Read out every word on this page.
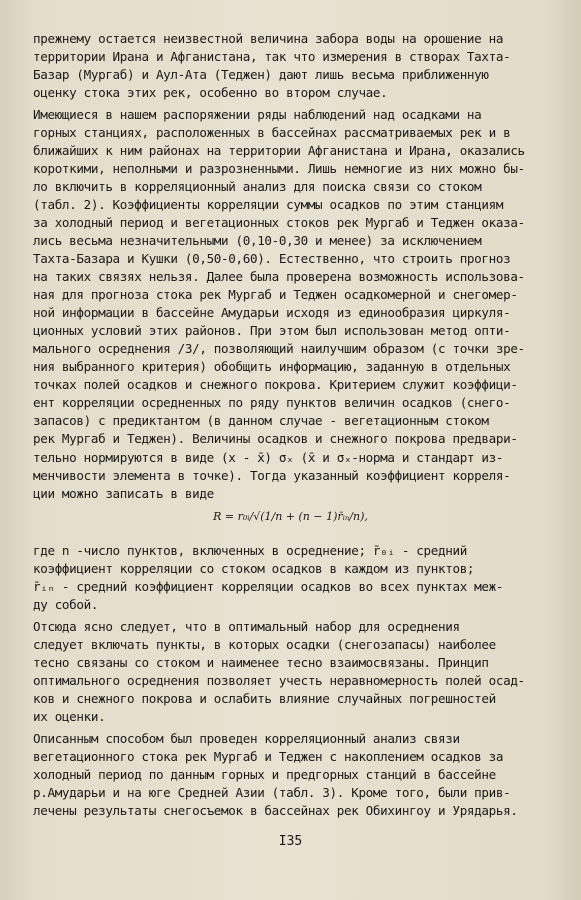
прежнему остается неизвестной величина забора воды на орошение на
территории Ирана и Афганистана, так что измерения в створах Тахта-
Базар (Мургаб) и Аул-Ата (Теджен) дают лишь весьма приближенную
оценку стока этих рек, особенно во втором случае.
Имеющиеся в нашем распоряжении ряды наблюдений над осадками на
горных станциях, расположенных в бассейнах рассматриваемых рек и в
ближайших к ним районах на территории Афганистана и Ирана, оказались
короткими, неполными и разрозненными. Лишь немногие из них можно бы-
ло включить в корреляционный анализ для поиска связи со стоком
(табл. 2). Коэффициенты корреляции суммы осадков по этим станциям
за холодный период и вегетационных стоков рек Мургаб и Теджен оказа-
лись весьма незначительными (0,10-0,30 и менее) за исключением
Тахта-Базара и Кушки (0,50-0,60). Естественно, что строить прогноз
на таких связях нельзя. Далее была проверена возможность использова-
ная для прогноза стока рек Мургаб и Теджен осадкомерной и снегомер-
ной информации в бассейне Амударьи исходя из единообразия циркуля-
ционных условий этих районов. При этом был использован метод опти-
мального осреднения /3/, позволяющий наилучшим образом (с точки зре-
ния выбранного критерия) обобщить информацию, заданную в отдельных
точках полей осадков и снежного покрова. Критерием служит коэффици-
ент корреляции осредненных по ряду пунктов величин осадков (снего-
запасов) с предиктантом (в данном случае - вегетационным стоком
рек Мургаб и Теджен). Величины осадков и снежного покрова предвари-
тельно нормируются в виде (x - x̄) σₓ (x̄ и σₓ-норма и стандарт из-
менчивости элемента в точке). Тогда указанный коэффициент корреля-
ции можно записать в виде
R = r₀ᵢ/√(1/n + (n − 1)r̄ᵢₙ/n),
где n -число пунктов, включенных в осреднение; r̄₀ᵢ - средний
коэффициент корреляции со стоком осадков в каждом из пунктов;
r̄ᵢₙ - средний коэффициент корреляции осадков во всех пунктах меж-
ду собой.
Отсюда ясно следует, что в оптимальный набор для осреднения
следует включать пункты, в которых осадки (снегозапасы) наиболее
тесно связаны со стоком и наименее тесно взаимосвязаны. Принцип
оптимального осреднения позволяет учесть неравномерность полей осад-
ков и снежного покрова и ослабить влияние случайных погрешностей
их оценки.
Описанным способом был проведен корреляционный анализ связи
вегетационного стока рек Мургаб и Теджен с накоплением осадков за
холодный период по данным горных и предгорных станций в бассейне
р.Амударьи и на юге Средней Азии (табл. 3). Кроме того, были прив-
лечены результаты снегосъемок в бассейнах рек Обихингоу и Урядарья.
I35
